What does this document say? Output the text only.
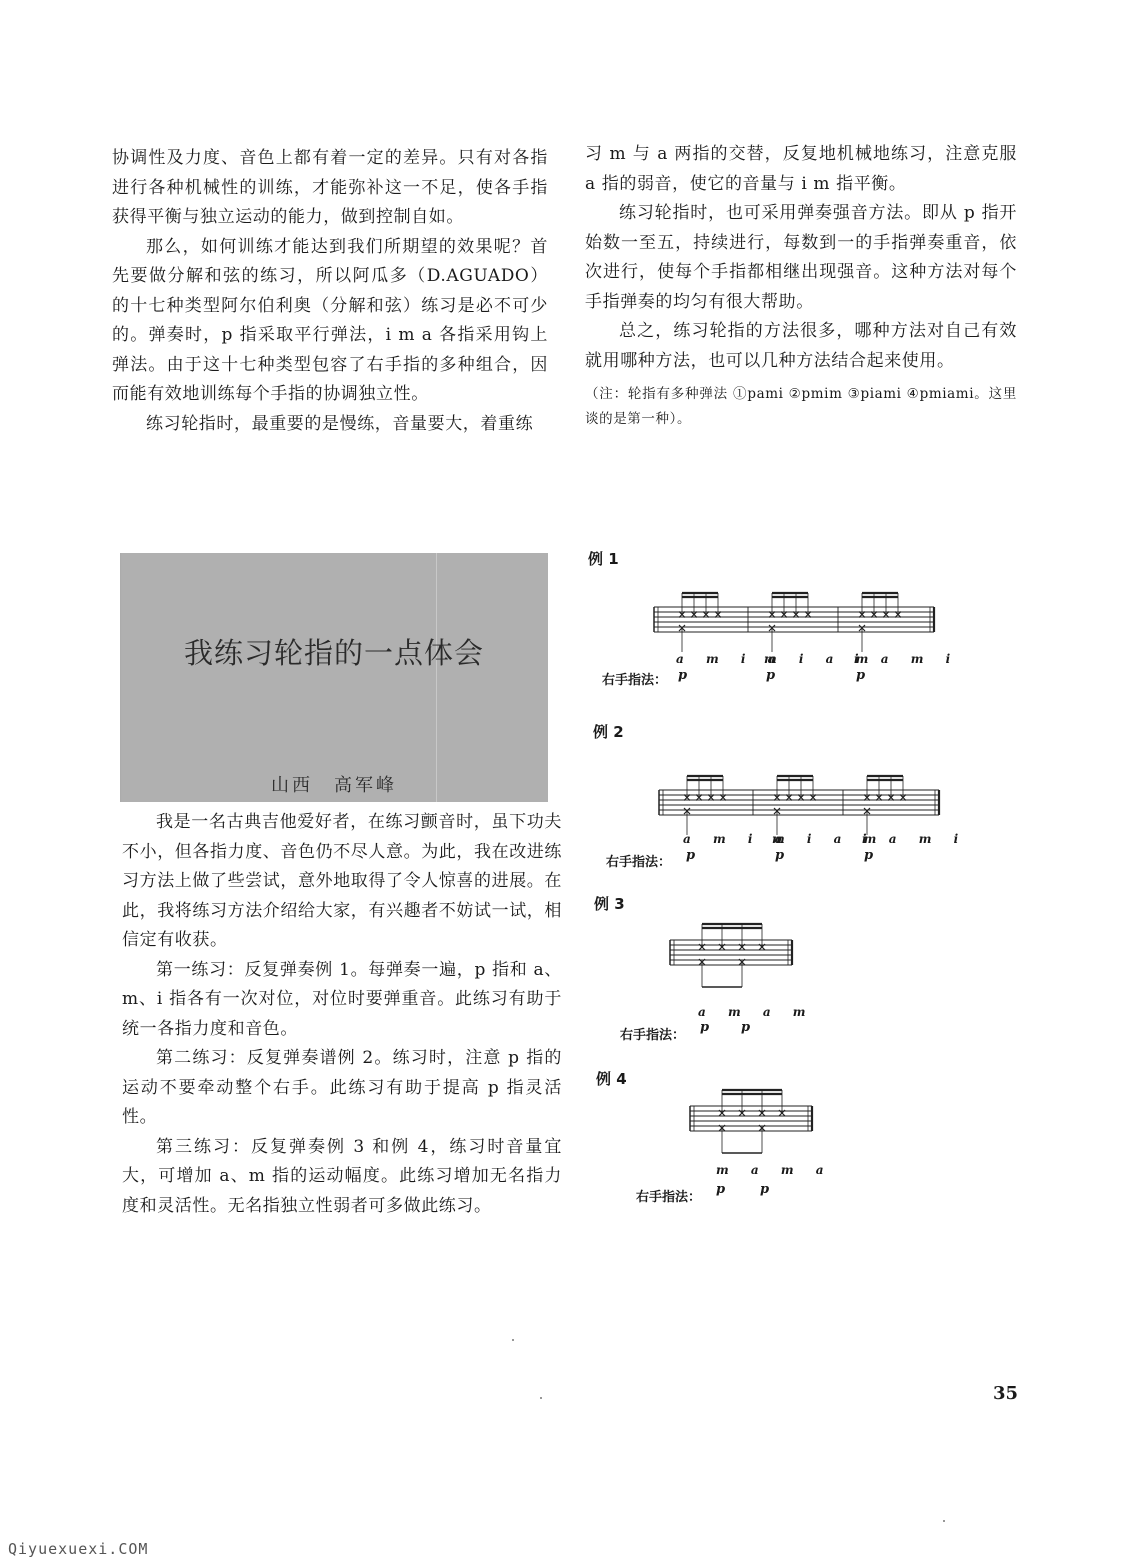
协调性及力度、音色上都有着一定的差异。只有对各指进行各种机械性的训练，才能弥补这一不足，使各手指获得平衡与独立运动的能力，做到控制自如。

那么，如何训练才能达到我们所期望的效果呢？首先要做分解和弦的练习，所以阿瓜多（D.AGUADO）的十七种类型阿尔伯利奥（分解和弦）练习是必不可少的。弹奏时，p 指采取平行弹法，i m a 各指采用钩上弹法。由于这十七种类型包容了右手指的多种组合，因而能有效地训练每个手指的协调独立性。

练习轮指时，最重要的是慢练，音量要大，着重练

习 m 与 a 两指的交替，反复地机械地练习，注意克服 a 指的弱音，使它的音量与 i m 指平衡。

练习轮指时，也可采用弹奏强音方法。即从 p 指开始数一至五，持续进行，每数到一的手指弹奏重音，依次进行，使每个手指都相继出现强音。这种方法对每个手指弹奏的均匀有很大帮助。

总之，练习轮指的方法很多，哪种方法对自己有效就用哪种方法，也可以几种方法结合起来使用。

（注：轮指有多种弹法 ①pami ②pmim ③piami ④pmiami。这里谈的是第一种）。

我练习轮指的一点体会
山西　高军峰

我是一名古典吉他爱好者，在练习颤音时，虽下功夫不小，但各指力度、音色仍不尽人意。为此，我在改进练习方法上做了些尝试，意外地取得了令人惊喜的进展。在此，我将练习方法介绍给大家，有兴趣者不妨试一试，相信定有收获。

第一练习：反复弹奏例 1。每弹奏一遍，p 指和 a、m、i 指各有一次对位，对位时要弹重音。此练习有助于统一各指力度和音色。

第二练习：反复弹奏谱例 2。练习时，注意 p 指的运动不要牵动整个右手。此练习有助于提高 p 指灵活性。

第三练习：反复弹奏例 3 和例 4，练习时音量宜大，可增加 a、m 指的运动幅度。此练习增加无名指力度和灵活性。无名指独立性弱者可多做此练习。

例 1
a m i a
m i a m
i a m i
右手指法： p	p	p
例 2
a m i a
m i a m
i a m i
右手指法： p	p	p
例 3
a m a m
右手指法：
p p
例 4
m a m a
右手指法：
p	p
35
Qiyuexuexi.COM
